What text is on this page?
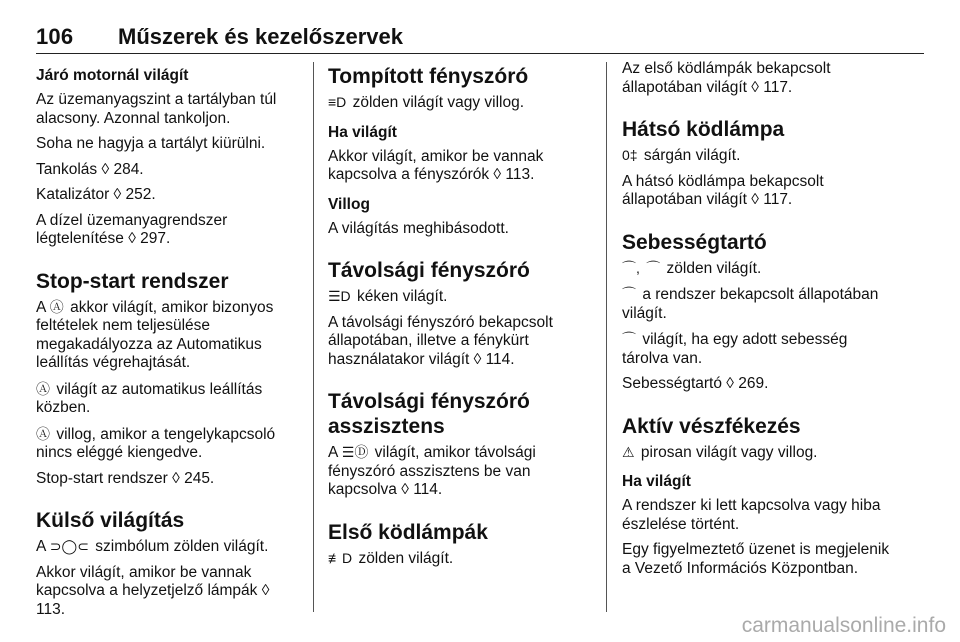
106 Műszerek és kezelőszervek
Járó motornál világít

Az üzemanyagszint a tartályban túl alacsony. Azonnal tankoljon.

Soha ne hagyja a tartályt kiürülni.

Tankolás ◊ 284.

Katalizátor ◊ 252.

A dízel üzemanyagrendszer légtelenítése ◊ 297.

Stop-start rendszer

A Ⓐ akkor világít, amikor bizonyos feltételek nem teljesülése megakadályozza az Automatikus leállítás végrehajtását.

Ⓐ világít az automatikus leállítás közben.

Ⓐ villog, amikor a tengelykapcsoló nincs eléggé kiengedve.

Stop-start rendszer ◊ 245.

Külső világítás

A ⊃◯⊂ szimbólum zölden világít.

Akkor világít, amikor be vannak kapcsolva a helyzetjelző lámpák ◊ 113.

Tompított fényszóró

≡D zölden világít vagy villog.

Ha világít

Akkor világít, amikor be vannak kapcsolva a fényszórók ◊ 113.

Villog

A világítás meghibásodott.

Távolsági fényszóró

☰D kéken világít.

A távolsági fényszóró bekapcsolt állapotában, illetve a fénykürt használatakor világít ◊ 114.

Távolsági fényszóró asszisztens

A ☰Ⓓ világít, amikor távolsági fényszóró asszisztens be van kapcsolva ◊ 114.

Első ködlámpák

≢D zölden világít.

Az első ködlámpák bekapcsolt állapotában világít ◊ 117.

Hátsó ködlámpa

0‡ sárgán világít.

A hátsó ködlámpa bekapcsolt állapotában világít ◊ 117.

Sebességtartó

⌒, ⌒ zölden világít.

⌒ a rendszer bekapcsolt állapotában világít.

⌒ világít, ha egy adott sebesség tárolva van.

Sebességtartó ◊ 269.

Aktív vészfékezés

⚠ pirosan világít vagy villog.

Ha világít

A rendszer ki lett kapcsolva vagy hiba észlelése történt.

Egy figyelmeztető üzenet is megjelenik a Vezető Információs Központban.

carmanualsonline.info
